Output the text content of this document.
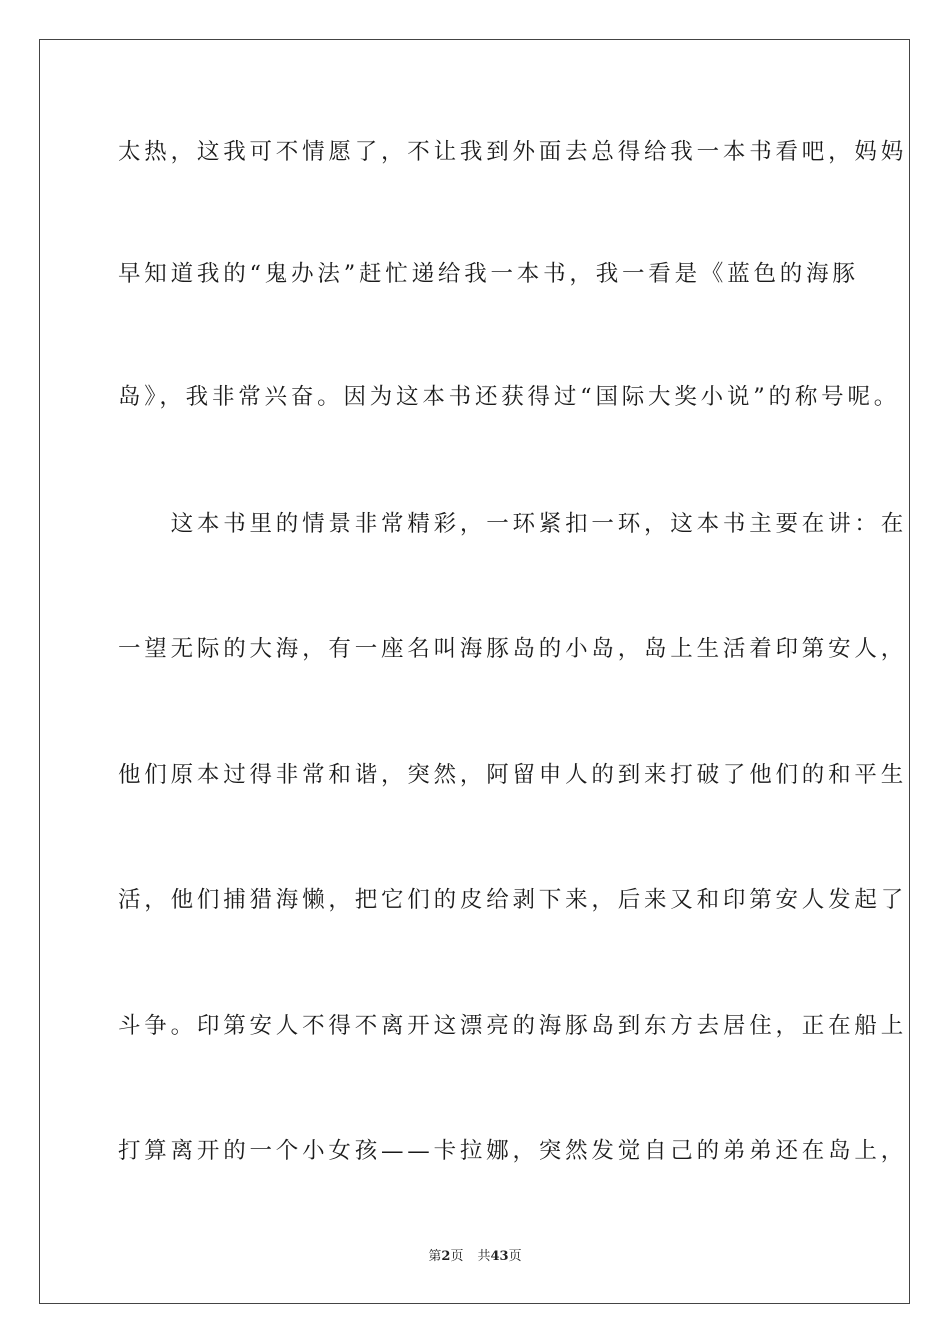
太热，这我可不情愿了，不让我到外面去总得给我一本书看吧，妈妈
早知道我的“鬼办法”赶忙递给我一本书，我一看是《蓝色的海豚
岛》，我非常兴奋。因为这本书还获得过“国际大奖小说”的称号呢。
　　这本书里的情景非常精彩，一环紧扣一环，这本书主要在讲：在
一望无际的大海，有一座名叫海豚岛的小岛，岛上生活着印第安人，
他们原本过得非常和谐，突然，阿留申人的到来打破了他们的和平生
活，他们捕猎海懒，把它们的皮给剥下来，后来又和印第安人发起了
斗争。印第安人不得不离开这漂亮的海豚岛到东方去居住，正在船上
打算离开的一个小女孩——卡拉娜，突然发觉自己的弟弟还在岛上，
第2页 共43页
